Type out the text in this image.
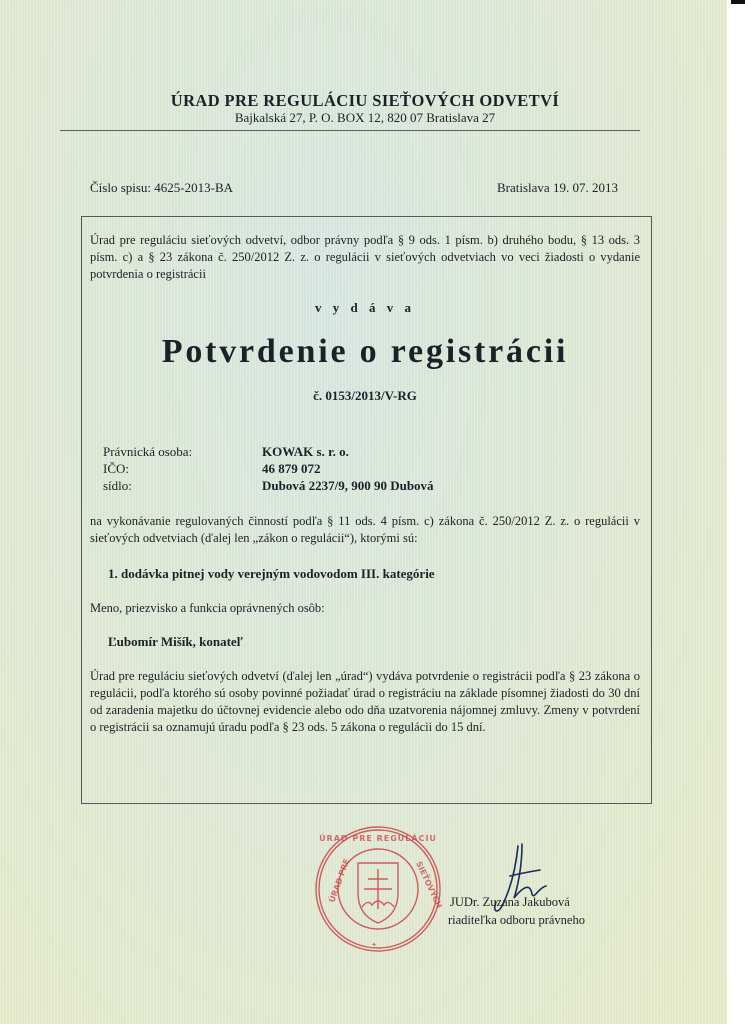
ÚRAD PRE REGULÁCIU SIEŤOVÝCH ODVETVÍ
Bajkalská 27, P. O. BOX 12, 820 07 Bratislava 27
Číslo spisu: 4625-2013-BA	Bratislava 19. 07. 2013
Úrad pre reguláciu sieťových odvetví, odbor právny podľa § 9 ods. 1 písm. b) druhého bodu, § 13 ods. 3 písm. c) a § 23 zákona č. 250/2012 Z. z. o regulácii v sieťových odvetviach vo veci žiadosti o vydanie potvrdenia o registrácii
v y d á v a
Potvrdenie o registrácii
č. 0153/2013/V-RG
Právnická osoba:
IČO:
sídlo:
KOWAK s. r. o.
46 879 072
Dubová 2237/9, 900 90 Dubová
na vykonávanie regulovaných činností podľa § 11 ods. 4 písm. c) zákona č. 250/2012 Z. z. o regulácii v sieťových odvetviach (ďalej len „zákon o regulácii“), ktorými sú:
1. dodávka pitnej vody verejným vodovodom III. kategórie
Meno, priezvisko a funkcia oprávnených osôb:
Ľubomír Mišík, konateľ
Úrad pre reguláciu sieťových odvetví (ďalej len „úrad“) vydáva potvrdenie o registrácii podľa § 23 zákona o regulácii, podľa ktorého sú osoby povinné požiadať úrad o registráciu na základe písomnej žiadosti do 30 dní od zaradenia majetku do účtovnej evidencie alebo odo dňa uzatvorenia nájomnej zmluvy. Zmeny v potvrdení o registrácii sa oznamujú úradu podľa § 23 ods. 5 zákona o regulácii do 15 dní.
ÚRAD PRE REGULÁCIU
ÚRAD PRE	SIEŤOVÝCH
✦
JUDr. Zuzana Jakubová
riaditeľka odboru právneho
